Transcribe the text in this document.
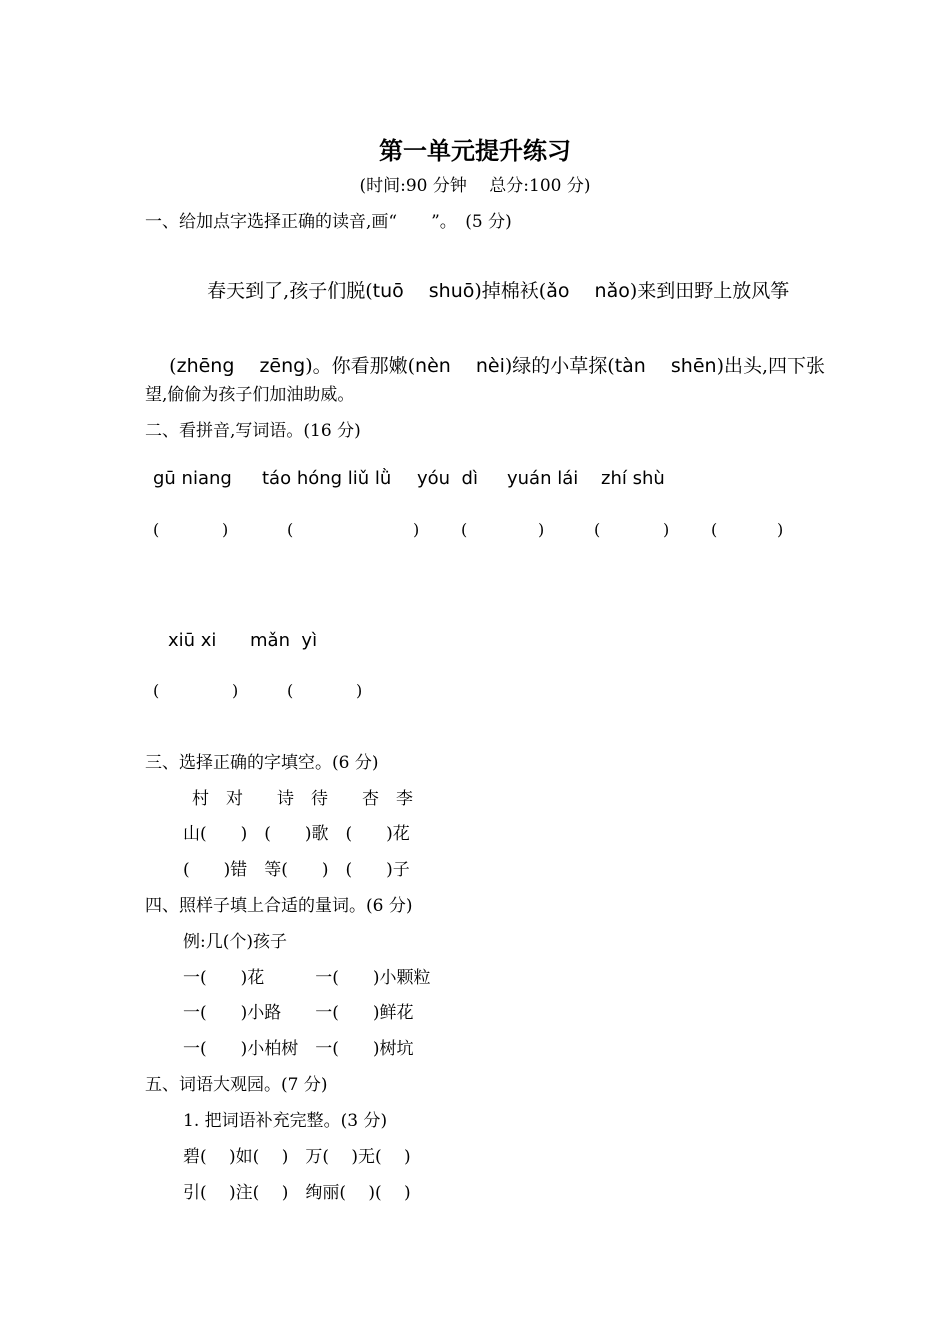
第一单元提升练习
(时间:90 分钟　 总分:100 分)
一、给加点字选择正确的读音,画“　　”。　(5 分)

春天到了,孩子们脱(tuō　 shuō)掉棉袄(ǎo　 nǎo)来到田野上放风筝

(zhēng　 zēng)。你看那嫩(nèn　 nèi)绿的小草探(tàn　 shēn)出头,四下张

望,偷偷为孩子们加油助威。
二、看拼音,写词语。(16 分)
gū niang táo hóng liǔ lǜ yóu  dì yuán lái zhí shù
(	)	(	)	(	)	(	)	(	)
xiū xi mǎn  yì
(	)	(	)
三、选择正确的字填空。(6 分)
村　对　　诗　待　　杏　李
山(　　)　(　　)歌　(　　)花
(　　)错　等(　　)　(　　)子
四、照样子填上合适的量词。(6 分)
例:几(个)孩子
一(　　)花　　　一(　　)小颗粒
一(　　)小路　　一(　　)鲜花
一(　　)小柏树　一(　　)树坑
五、词语大观园。(7 分)
1. 把词语补充完整。(3 分)
碧(　 )如(　 )　万(　 )无(　 )
引(　 )注(　 )　绚丽(　 )(　 )
